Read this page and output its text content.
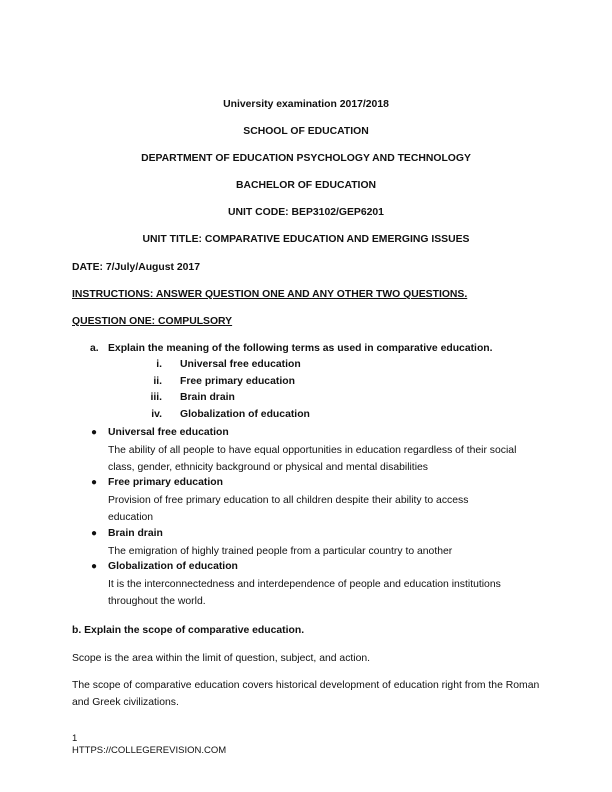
University examination 2017/2018
SCHOOL OF EDUCATION
DEPARTMENT OF EDUCATION PSYCHOLOGY AND TECHNOLOGY
BACHELOR OF EDUCATION
UNIT CODE: BEP3102/GEP6201
UNIT TITLE: COMPARATIVE EDUCATION AND EMERGING ISSUES
DATE: 7/July/August 2017
INSTRUCTIONS: ANSWER QUESTION ONE AND ANY OTHER TWO QUESTIONS.
QUESTION ONE: COMPULSORY
a. Explain the meaning of the following terms as used in comparative education.
i. Universal free education
ii. Free primary education
iii. Brain drain
iv. Globalization of education
● Universal free education
The ability of all people to have equal opportunities in education regardless of their social class, gender, ethnicity background or physical and mental disabilities
● Free primary education
Provision of free primary education to all children despite their ability to access education
● Brain drain
The emigration of highly trained people from a particular country to another
● Globalization of education
It is the interconnectedness and interdependence of people and education institutions throughout the world.
b. Explain the scope of comparative education.
Scope is the area within the limit of question, subject, and action.
The scope of comparative education covers historical development of education right from the Roman and Greek civilizations.
1
HTTPS://COLLEGEREVISION.COM
